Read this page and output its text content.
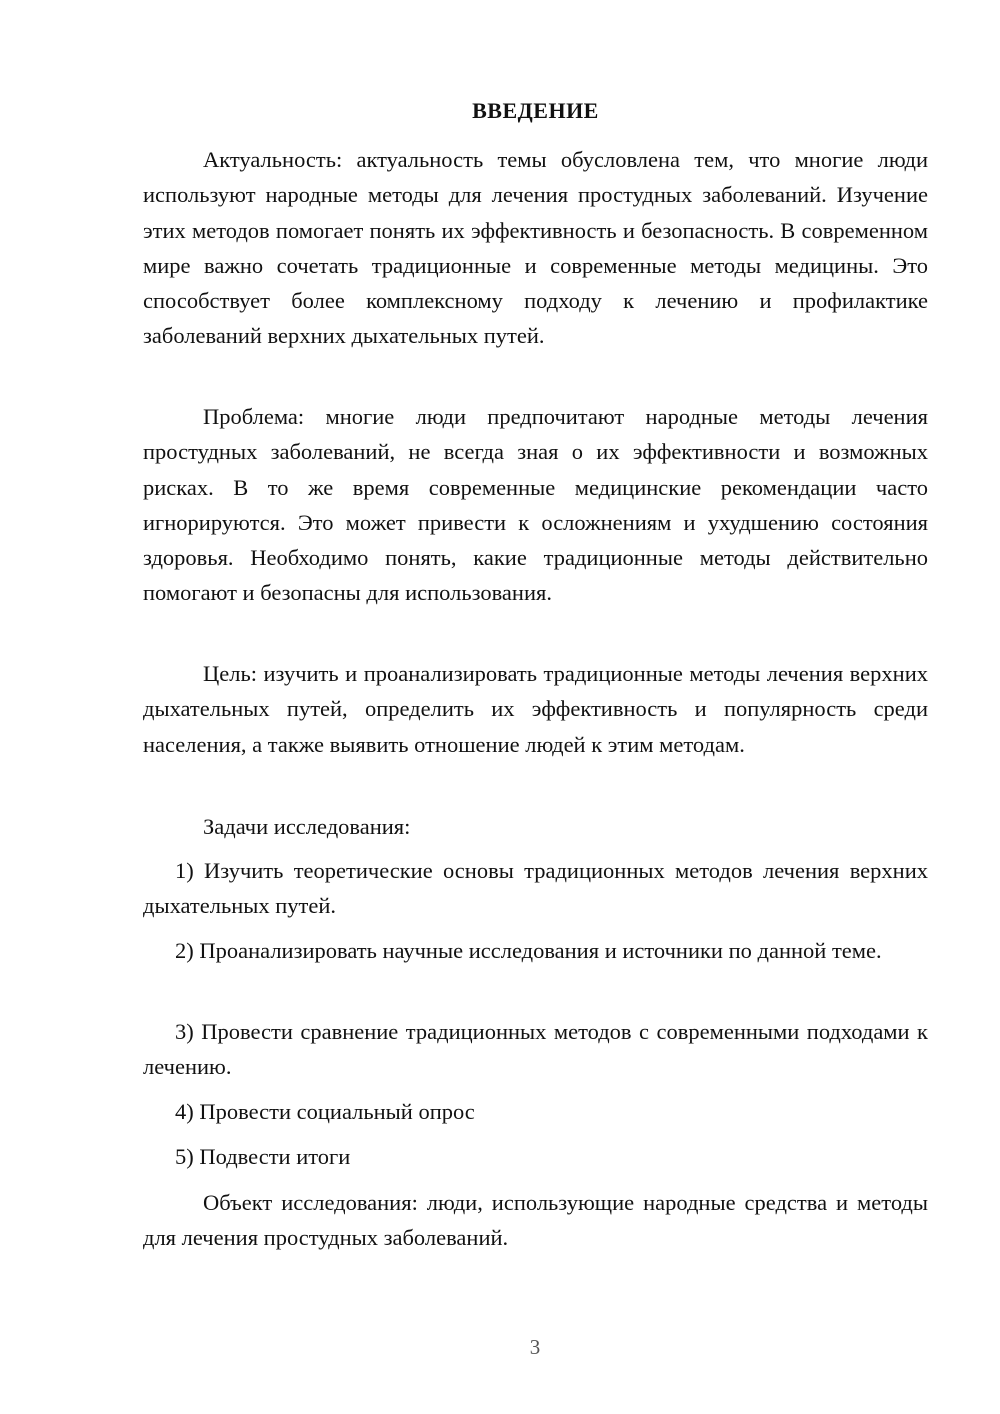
ВВЕДЕНИЕ

Актуальность: актуальность темы обусловлена тем, что многие люди используют народные методы для лечения простудных заболеваний. Изучение этих методов помогает понять их эффективность и безопасность. В современном мире важно сочетать традиционные и современные методы медицины. Это способствует более комплексному подходу к лечению и профилактике заболеваний верхних дыхательных путей.

Проблема: многие люди предпочитают народные методы лечения простудных заболеваний, не всегда зная о их эффективности и возможных рисках. В то же время современные медицинские рекомендации часто игнорируются. Это может привести к осложнениям и ухудшению состояния здоровья. Необходимо понять, какие традиционные методы действительно помогают и безопасны для использования.

Цель: изучить и проанализировать традиционные методы лечения верхних дыхательных путей, определить их эффективность и популярность среди населения, а также выявить отношение людей к этим методам.

Задачи исследования:

1) Изучить теоретические основы традиционных методов лечения верхних дыхательных путей.

2) Проанализировать научные исследования и источники по данной теме.

3) Провести сравнение традиционных методов с современными подходами к лечению.

4) Провести социальный опрос

5) Подвести итоги

Объект исследования: люди, использующие народные средства и методы для лечения простудных заболеваний.

3
